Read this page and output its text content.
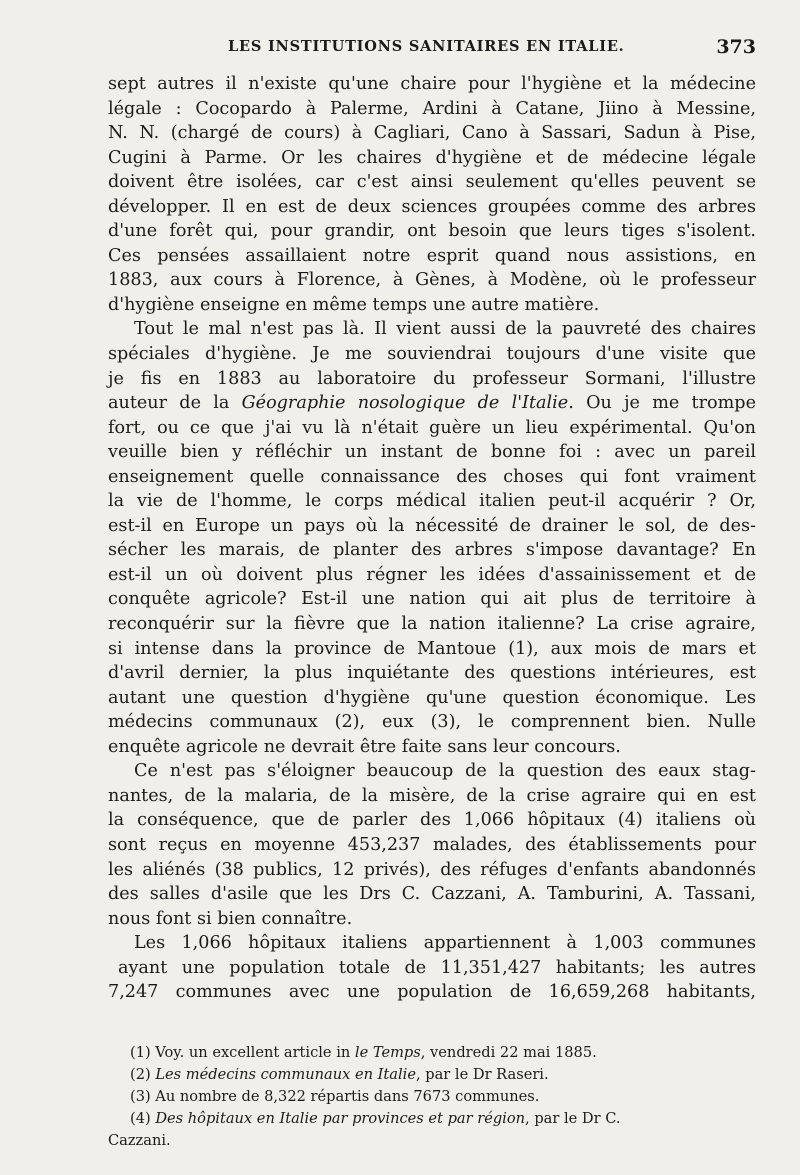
LES INSTITUTIONS SANITAIRES EN ITALIE.	373
sept autres il n'existe qu'une chaire pour l'hygiène et la médecine
légale : Cocopardo à Palerme, Ardini à Catane, Jiino à Messine,
N. N. (chargé de cours) à Cagliari, Cano à Sassari, Sadun à Pise,
Cugini à Parme. Or les chaires d'hygiène et de médecine légale
doivent être isolées, car c'est ainsi seulement qu'elles peuvent se
développer. Il en est de deux sciences groupées comme des arbres
d'une forêt qui, pour grandir, ont besoin que leurs tiges s'isolent.
Ces pensées assaillaient notre esprit quand nous assistions, en
1883, aux cours à Florence, à Gènes, à Modène, où le professeur
d'hygiène enseigne en même temps une autre matière.
Tout le mal n'est pas là. Il vient aussi de la pauvreté des chaires
spéciales d'hygiène. Je me souviendrai toujours d'une visite que
je fis en 1883 au laboratoire du professeur Sormani, l'illustre
auteur de la Géographie nosologique de l'Italie. Ou je me trompe
fort, ou ce que j'ai vu là n'était guère un lieu expérimental. Qu'on
veuille bien y réfléchir un instant de bonne foi : avec un pareil
enseignement quelle connaissance des choses qui font vraiment
la vie de l'homme, le corps médical italien peut-il acquérir ? Or,
est-il en Europe un pays où la nécessité de drainer le sol, de des-
sécher les marais, de planter des arbres s'impose davantage? En
est-il un où doivent plus régner les idées d'assainissement et de
conquête agricole? Est-il une nation qui ait plus de territoire à
reconquérir sur la fièvre que la nation italienne? La crise agraire,
si intense dans la province de Mantoue (1), aux mois de mars et
d'avril dernier, la plus inquiétante des questions intérieures, est
autant une question d'hygiène qu'une question économique. Les
médecins communaux (2), eux (3), le comprennent bien. Nulle
enquête agricole ne devrait être faite sans leur concours.
Ce n'est pas s'éloigner beaucoup de la question des eaux stag-
nantes, de la malaria, de la misère, de la crise agraire qui en est
la conséquence, que de parler des 1,066 hôpitaux (4) italiens où
sont reçus en moyenne 453,237 malades, des établissements pour
les aliénés (38 publics, 12 privés), des réfuges d'enfants abandonnés
des salles d'asile que les Drs C. Cazzani, A. Tamburini, A. Tassani,
nous font si bien connaître.
Les 1,066 hôpitaux italiens appartiennent à 1,003 communes
ayant une population totale de 11,351,427 habitants; les autres
7,247 communes avec une population de 16,659,268 habitants,
(1) Voy. un excellent article in le Temps, vendredi 22 mai 1885.
(2) Les médecins communaux en Italie, par le Dr Raseri.
(3) Au nombre de 8,322 répartis dans 7673 communes.
(4) Des hôpitaux en Italie par provinces et par région, par le Dr C.
Cazzani.
